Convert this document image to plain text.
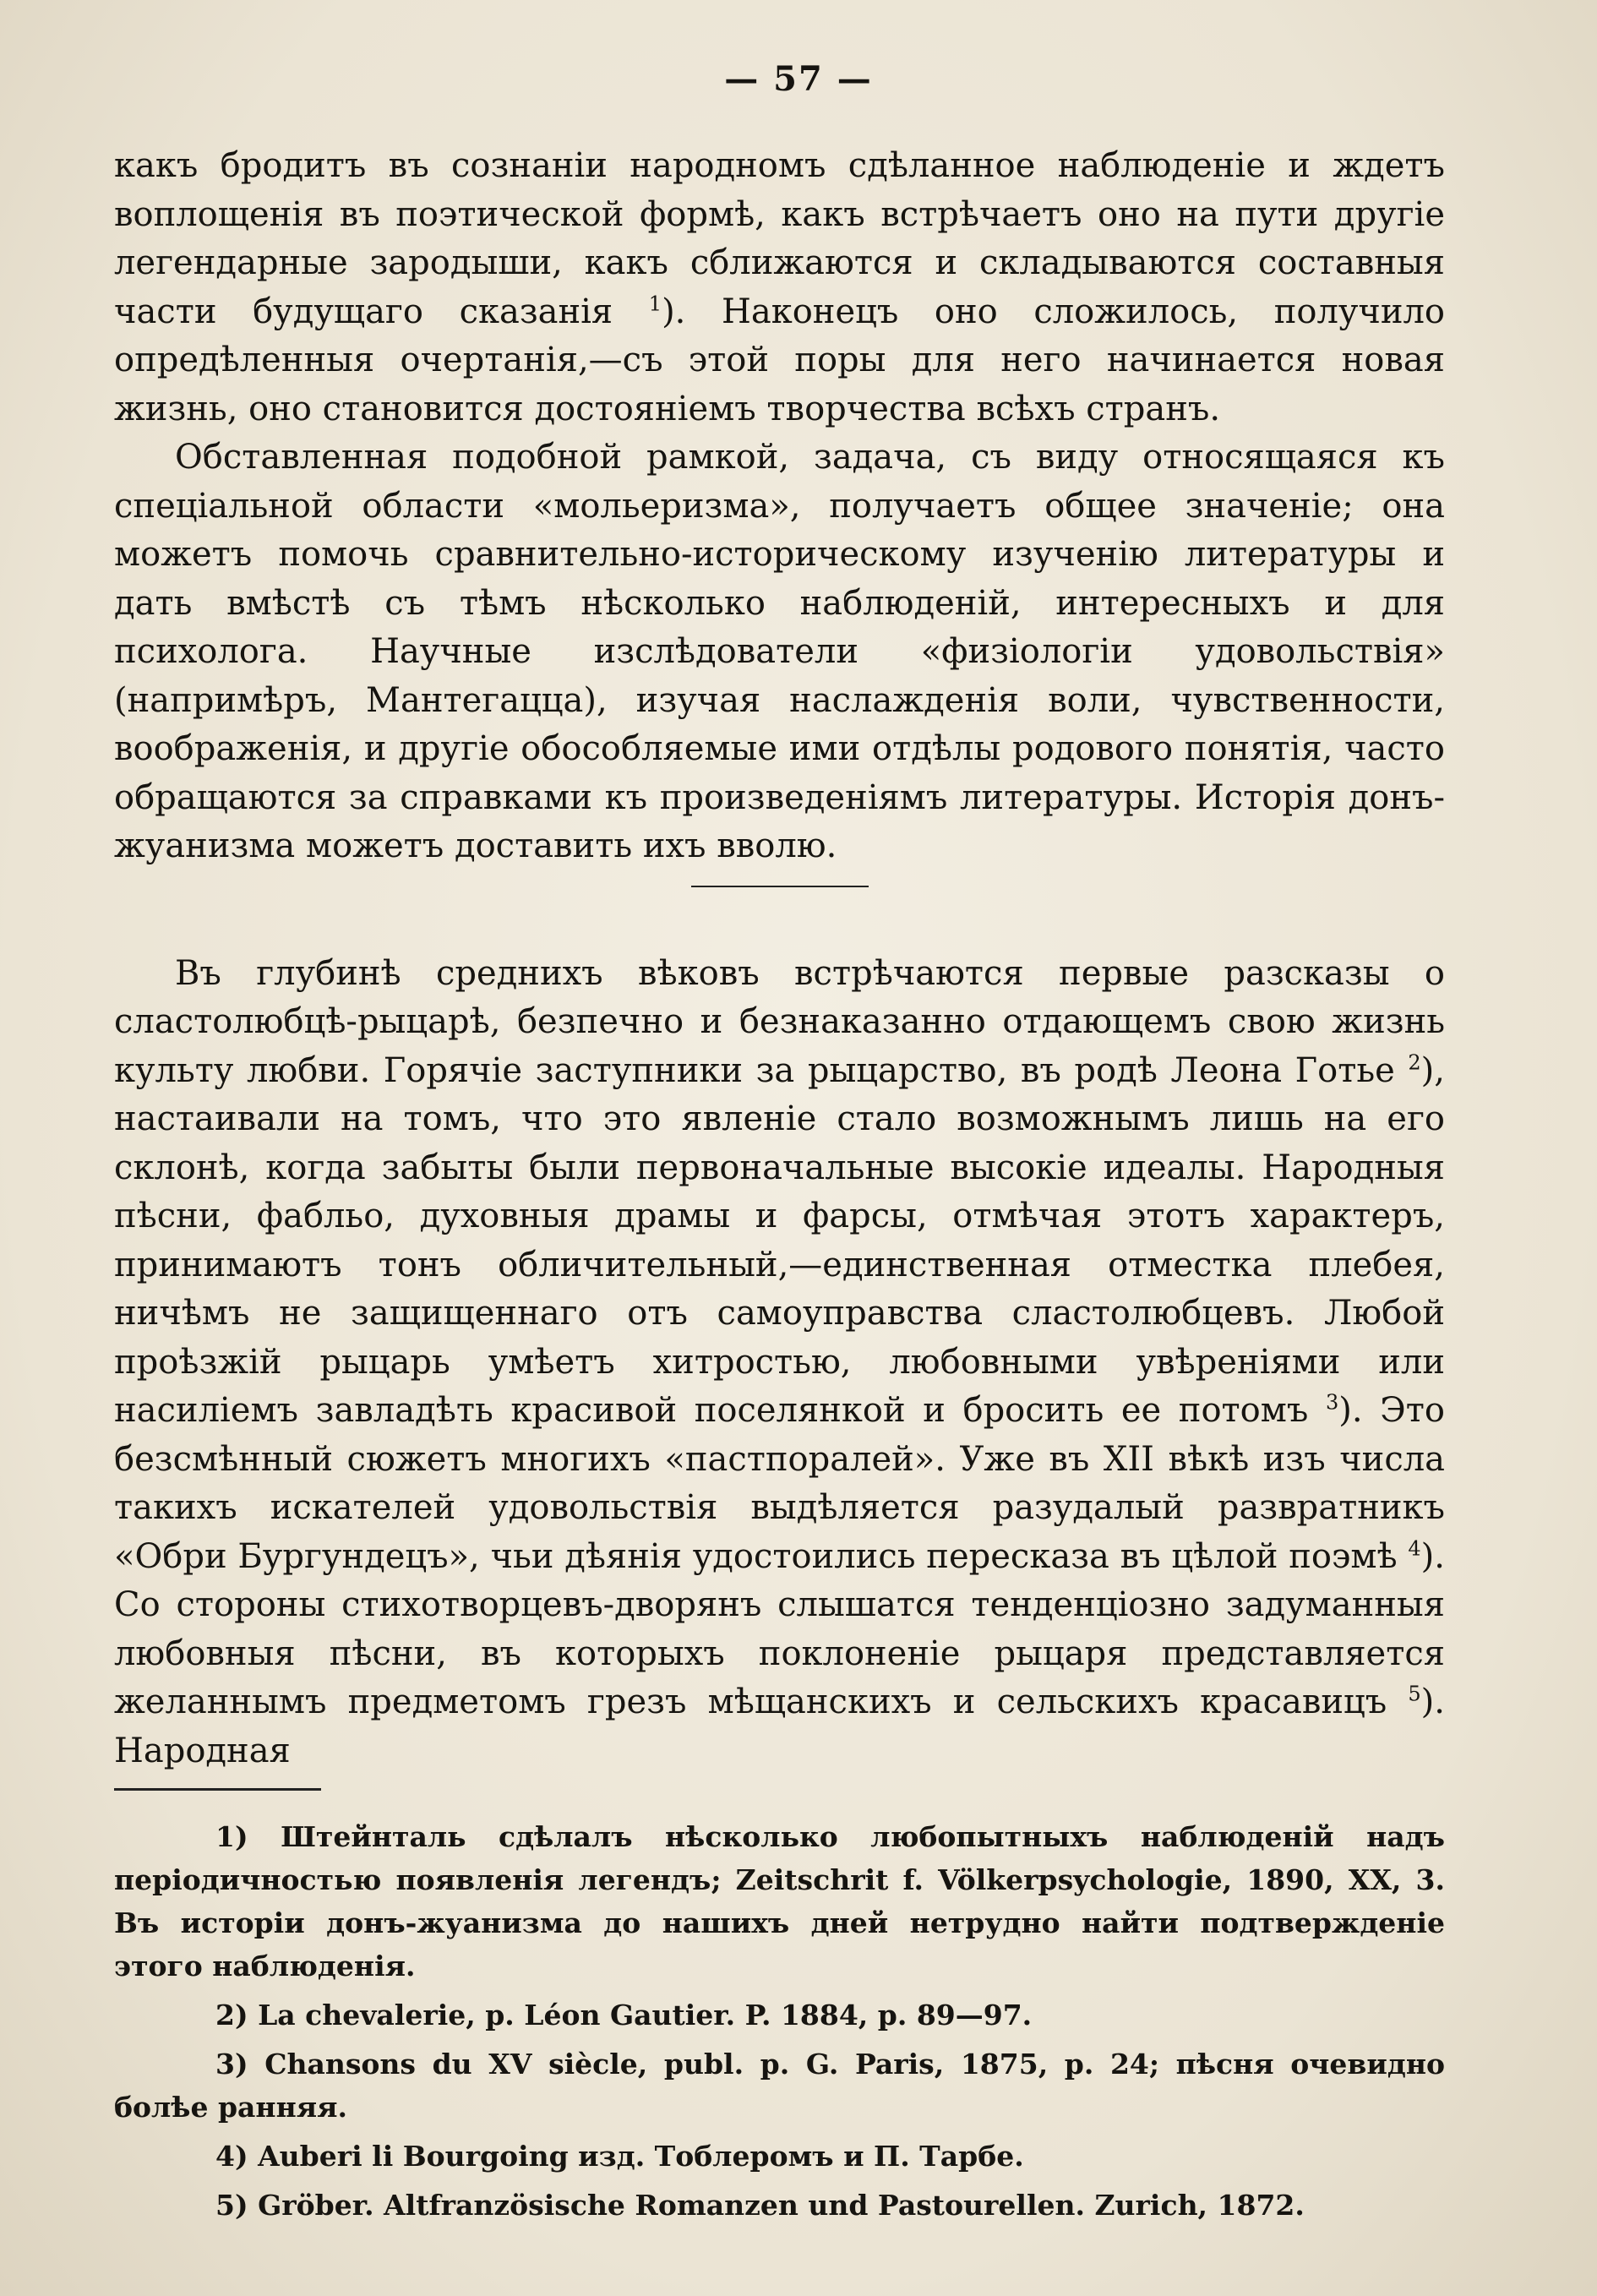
— 57 —

какъ бродитъ въ сознаніи народномъ сдѣланное наблюденіе и ждетъ воплощенія въ поэтической формѣ, какъ встрѣчаетъ оно на пути другіе легендарные зародыши, какъ сближаются и складываются составныя части будущаго сказанія $^1$). Наконецъ оно сложилось, получило опредѣленныя очертанія,—съ этой поры для него начинается новая жизнь, оно становится достояніемъ творчества всѣхъ странъ.

Обставленная подобной рамкой, задача, съ виду относящаяся къ спеціальной области «мольеризма», получаетъ общее значеніе; она можетъ помочь сравнительно-историческому изученію литературы и дать вмѣстѣ съ тѣмъ нѣсколько наблюденій, интересныхъ и для психолога. Научные изслѣдователи «физіологіи удовольствія» (напримѣръ, Мантегацца), изучая наслажденія воли, чувственности, воображенія, и другіе обособляемые ими отдѣлы родового понятія, часто обращаются за справками къ произведеніямъ литературы. Исторія донъ-жуанизма можетъ доставить ихъ вволю.

Въ глубинѣ среднихъ вѣковъ встрѣчаются первые разсказы о сластолюбцѣ-рыцарѣ, безпечно и безнаказанно отдающемъ свою жизнь культу любви. Горячіе заступники за рыцарство, въ родѣ Леона Готье $^2$), настаивали на томъ, что это явленіе стало возможнымъ лишь на его склонѣ, когда забыты были первоначальные высокіе идеалы. Народныя пѣсни, фабльо, духовныя драмы и фарсы, отмѣчая этотъ характеръ, принимаютъ тонъ обличительный,—единственная отместка плебея, ничѣмъ не защищеннаго отъ самоуправства сластолюбцевъ. Любой проѣзжій рыцарь умѣетъ хитростью, любовными увѣреніями или насиліемъ завладѣть красивой поселянкой и бросить ее потомъ $^3$). Это безсмѣнный сюжетъ многихъ «пастпоралей». Уже въ XII вѣкѣ изъ числа такихъ искателей удовольствія выдѣляется разудалый развратникъ «Обри Бургундецъ», чьи дѣянія удостоились пересказа въ цѣлой поэмѣ $^4$). Со стороны стихотворцевъ-дворянъ слышатся тенденціозно задуманныя любовныя пѣсни, въ которыхъ поклоненіе рыцаря представляется желаннымъ предметомъ грезъ мѣщанскихъ и сельскихъ красавицъ $^5$). Народная

1) Штейнталь сдѣлалъ нѣсколько любопытныхъ наблюденій надъ періодичностью появленія легендъ; Zeitschrit f. Völkerpsychologie, 1890, XX, 3. Въ исторіи донъ-жуанизма до нашихъ дней нетрудно найти подтвержденіе этого наблюденія.

2) La chevalerie, p. Léon Gautier. P. 1884, p. 89—97.

3) Chansons du XV siècle, publ. p. G. Paris, 1875, p. 24; пѣсня очевидно болѣе ранняя.

4) Auberi li Bourgoing изд. Тоблеромъ и П. Тарбе.

5) Gröber. Altfranzösische Romanzen und Pastourellen. Zurich, 1872.
